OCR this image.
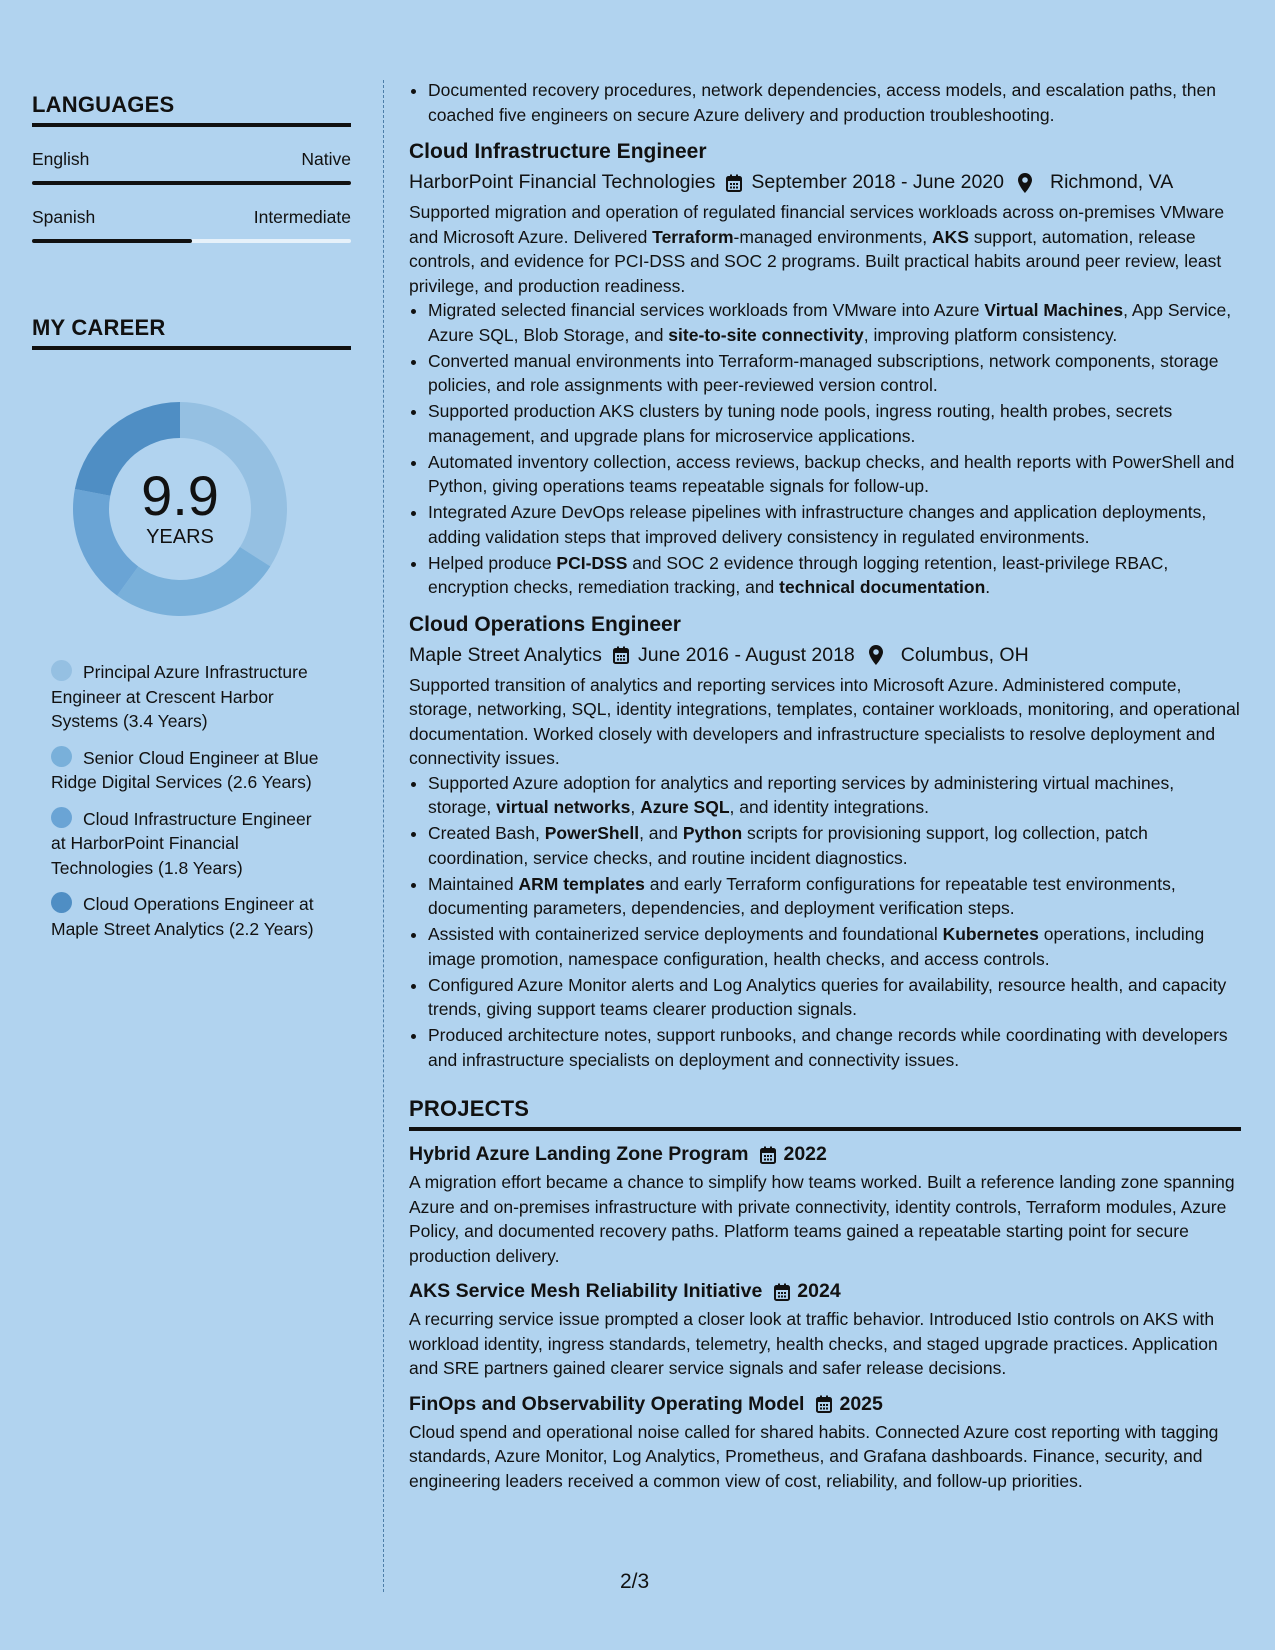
LANGUAGES
English	Native
Spanish	Intermediate
MY CAREER
9.9
YEARS
Principal Azure Infrastructure Engineer at Crescent Harbor Systems (3.4 Years)
Senior Cloud Engineer at Blue Ridge Digital Services (2.6 Years)
Cloud Infrastructure Engineer at HarborPoint Financial Technologies (1.8 Years)
Cloud Operations Engineer at Maple Street Analytics (2.2 Years)
• Documented recovery procedures, network dependencies, access models, and escalation paths, then coached five engineers on secure Azure delivery and production troubleshooting.
Cloud Infrastructure Engineer
HarborPoint Financial Technologies September 2018 - June 2020 Richmond, VA
Supported migration and operation of regulated financial services workloads across on-premises VMware and Microsoft Azure. Delivered Terraform-managed environments, AKS support, automation, release controls, and evidence for PCI-DSS and SOC 2 programs. Built practical habits around peer review, least privilege, and production readiness.
• Migrated selected financial services workloads from VMware into Azure Virtual Machines, App Service, Azure SQL, Blob Storage, and site-to-site connectivity, improving platform consistency.
• Converted manual environments into Terraform-managed subscriptions, network components, storage policies, and role assignments with peer-reviewed version control.
• Supported production AKS clusters by tuning node pools, ingress routing, health probes, secrets management, and upgrade plans for microservice applications.
• Automated inventory collection, access reviews, backup checks, and health reports with PowerShell and Python, giving operations teams repeatable signals for follow-up.
• Integrated Azure DevOps release pipelines with infrastructure changes and application deployments, adding validation steps that improved delivery consistency in regulated environments.
• Helped produce PCI-DSS and SOC 2 evidence through logging retention, least-privilege RBAC, encryption checks, remediation tracking, and technical documentation.
Cloud Operations Engineer
Maple Street Analytics June 2016 - August 2018 Columbus, OH
Supported transition of analytics and reporting services into Microsoft Azure. Administered compute, storage, networking, SQL, identity integrations, templates, container workloads, monitoring, and operational documentation. Worked closely with developers and infrastructure specialists to resolve deployment and connectivity issues.
• Supported Azure adoption for analytics and reporting services by administering virtual machines, storage, virtual networks, Azure SQL, and identity integrations.
• Created Bash, PowerShell, and Python scripts for provisioning support, log collection, patch coordination, service checks, and routine incident diagnostics.
• Maintained ARM templates and early Terraform configurations for repeatable test environments, documenting parameters, dependencies, and deployment verification steps.
• Assisted with containerized service deployments and foundational Kubernetes operations, including image promotion, namespace configuration, health checks, and access controls.
• Configured Azure Monitor alerts and Log Analytics queries for availability, resource health, and capacity trends, giving support teams clearer production signals.
• Produced architecture notes, support runbooks, and change records while coordinating with developers and infrastructure specialists on deployment and connectivity issues.
PROJECTS
Hybrid Azure Landing Zone Program 2022
A migration effort became a chance to simplify how teams worked. Built a reference landing zone spanning Azure and on-premises infrastructure with private connectivity, identity controls, Terraform modules, Azure Policy, and documented recovery paths. Platform teams gained a repeatable starting point for secure production delivery.
AKS Service Mesh Reliability Initiative 2024
A recurring service issue prompted a closer look at traffic behavior. Introduced Istio controls on AKS with workload identity, ingress standards, telemetry, health checks, and staged upgrade practices. Application and SRE partners gained clearer service signals and safer release decisions.
FinOps and Observability Operating Model 2025
Cloud spend and operational noise called for shared habits. Connected Azure cost reporting with tagging standards, Azure Monitor, Log Analytics, Prometheus, and Grafana dashboards. Finance, security, and engineering leaders received a common view of cost, reliability, and follow-up priorities.
2/3
